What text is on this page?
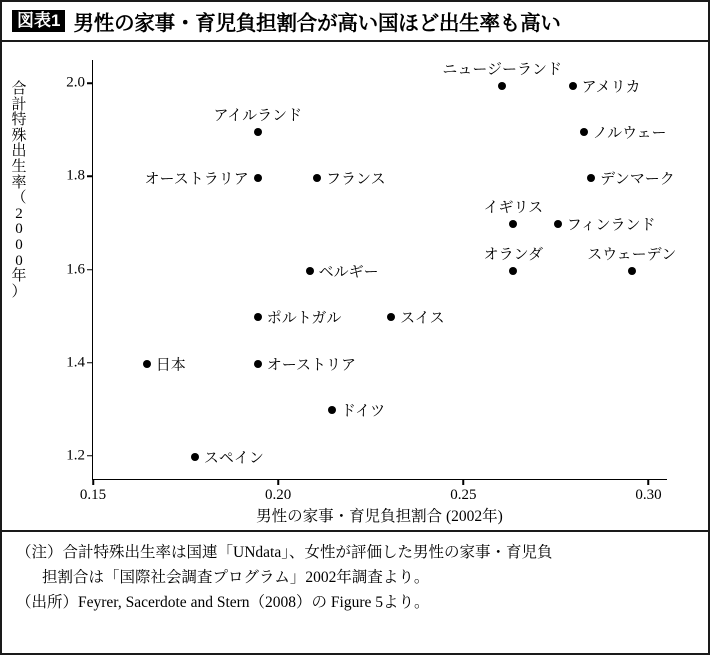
図表1 男性の家事・育児負担割合が高い国ほど出生率も高い
合
計
特
殊
出
生
率
（
2
0
0
0
年
）
1.2
1.4
1.6
1.8
2.0
0.15	0.20	0.25	0.30
ニュージーランド
アメリカ
アイルランド
ノルウェー
オーストラリア	フランス	デンマーク
イギリス
フィンランド
ベルギー
オランダ	スウェーデン
ポルトガル	スイス
日本	オーストリア
ドイツ
スペイン
男性の家事・育児負担割合 (2002年)
（注）合計特殊出生率は国連「UNdata」、女性が評価した男性の家事・育児負
担割合は「国際社会調査プログラム」2002年調査より。
（出所）Feyrer, Sacerdote and Stern（2008）の Figure 5より。
